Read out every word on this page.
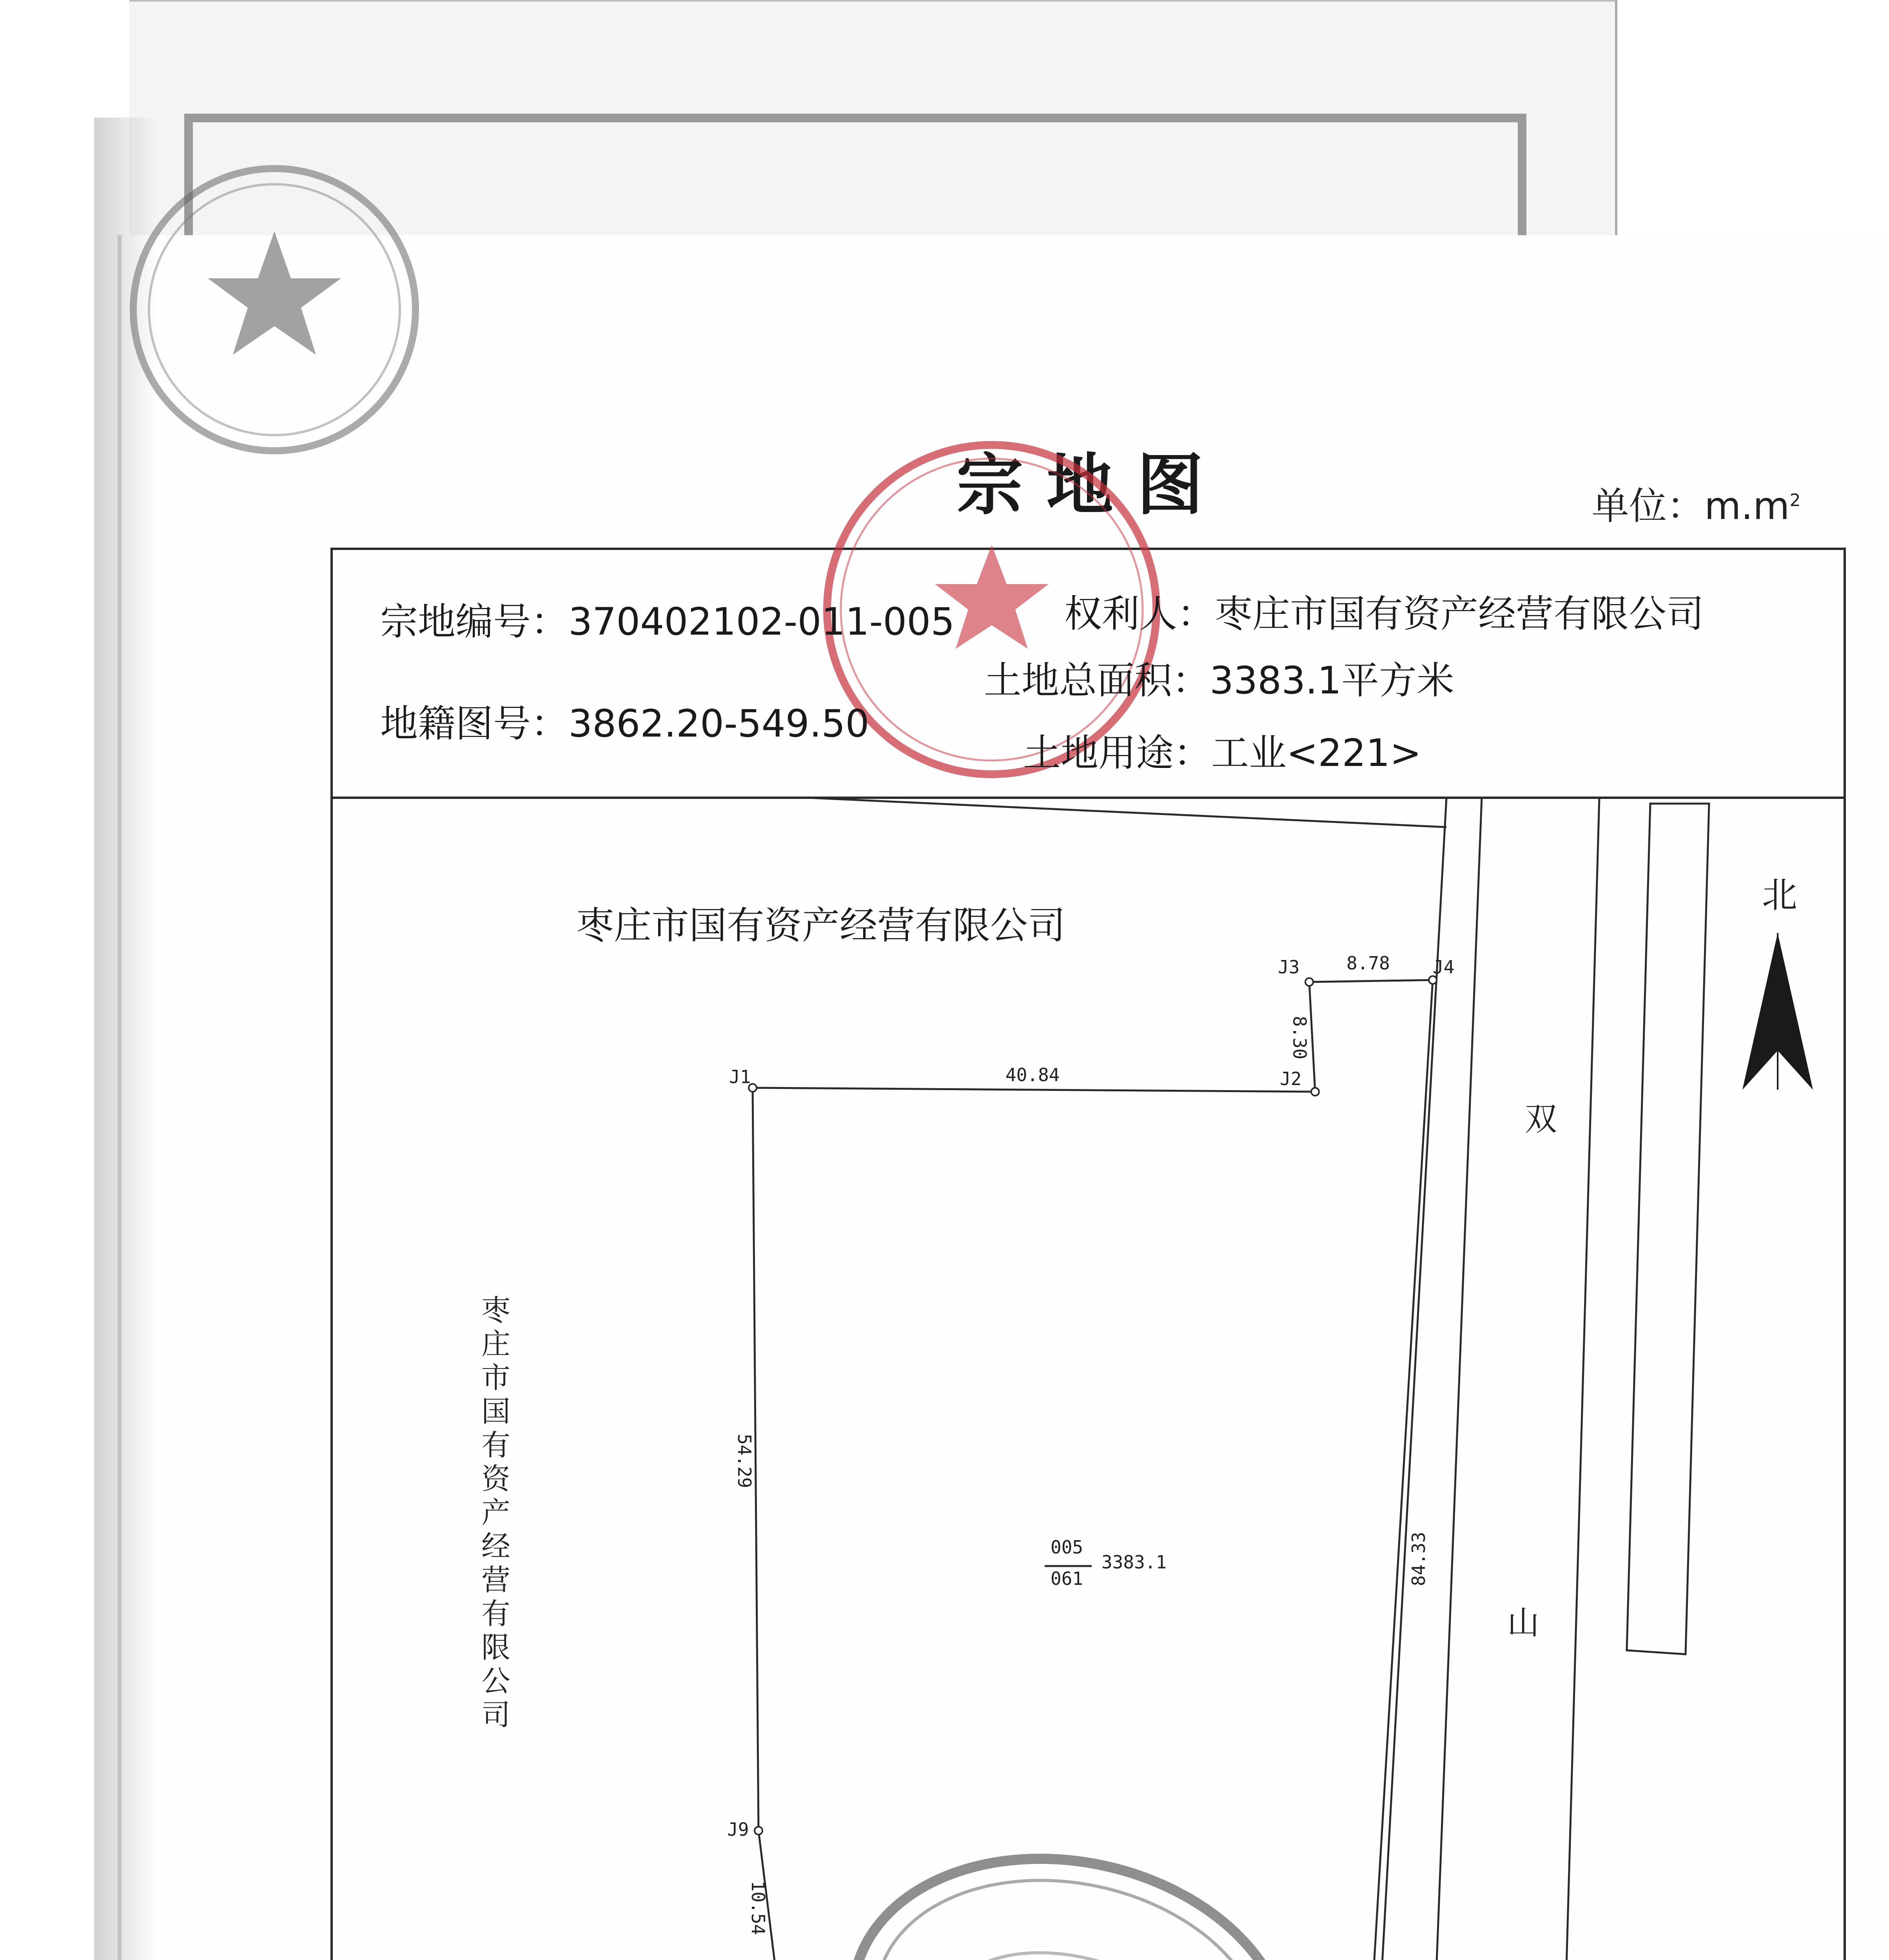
宗地图	单位：$m.m^2$
宗地编号：370402102-011-005
地籍图号：3862.20-549.50
权利人：枣庄市国有资产经营有限公司
土地总面积：3383.1平方米
土地用途：工业<221>
枣庄市国有资产经营有限公司
枣庄市国有资产经营有限公司
北
双
山
J1	J2
J3	J4
J9
40.84
8.30
8.78
84.33
10.54
54.29
005
061
3383.1
